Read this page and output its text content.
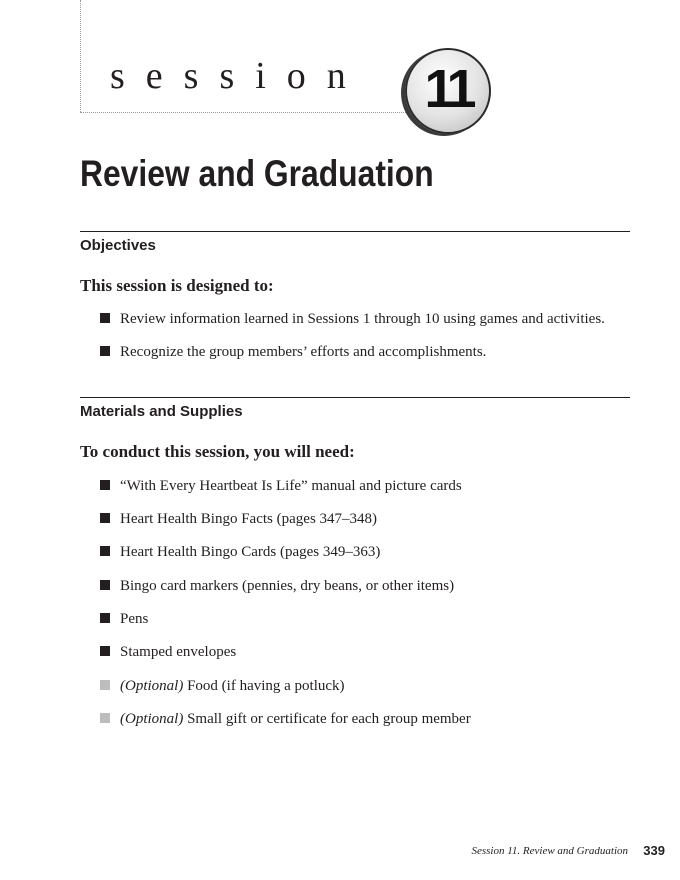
session	11
Review and Graduation
Objectives

This session is designed to:

Review information learned in Sessions 1 through 10 using games and activities.
Recognize the group members’ efforts and accomplishments.
Materials and Supplies

To conduct this session, you will need:

“With Every Heartbeat Is Life” manual and picture cards
Heart Health Bingo Facts (pages 347–348)
Heart Health Bingo Cards (pages 349–363)
Bingo card markers (pennies, dry beans, or other items)
Pens
Stamped envelopes
(Optional) Food (if having a potluck)
(Optional) Small gift or certificate for each group member
Session 11. Review and Graduation 339
